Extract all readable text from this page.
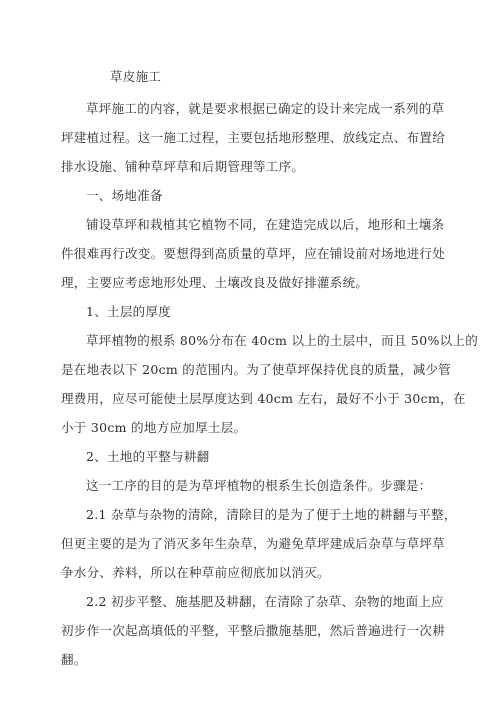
草皮施工
草坪施工的内容，就是要求根据已确定的设计来完成一系列的草
坪建植过程。这一施工过程，主要包括地形整理、放线定点、布置给
排水设施、铺种草坪草和后期管理等工序。
一、场地准备
铺设草坪和栽植其它植物不同，在建造完成以后，地形和土壤条
件很难再行改变。要想得到高质量的草坪，应在铺设前对场地进行处
理，主要应考虑地形处理、土壤改良及做好排灌系统。
1、土层的厚度
草坪植物的根系 80%分布在 40cm 以上的土层中，而且 50%以上的
是在地表以下 20cm 的范围内。为了使草坪保持优良的质量，减少管
理费用，应尽可能使土层厚度达到 40cm 左右，最好不小于 30cm，在
小于 30cm 的地方应加厚土层。
2、土地的平整与耕翻
这一工序的目的是为草坪植物的根系生长创造条件。步骤是：
2.1 杂草与杂物的清除，清除目的是为了便于土地的耕翻与平整，
但更主要的是为了消灭多年生杂草，为避免草坪建成后杂草与草坪草
争水分、养料，所以在种草前应彻底加以消灭。
2.2 初步平整、施基肥及耕翻，在清除了杂草、杂物的地面上应
初步作一次起高填低的平整，平整后撒施基肥，然后普遍进行一次耕
翻。
